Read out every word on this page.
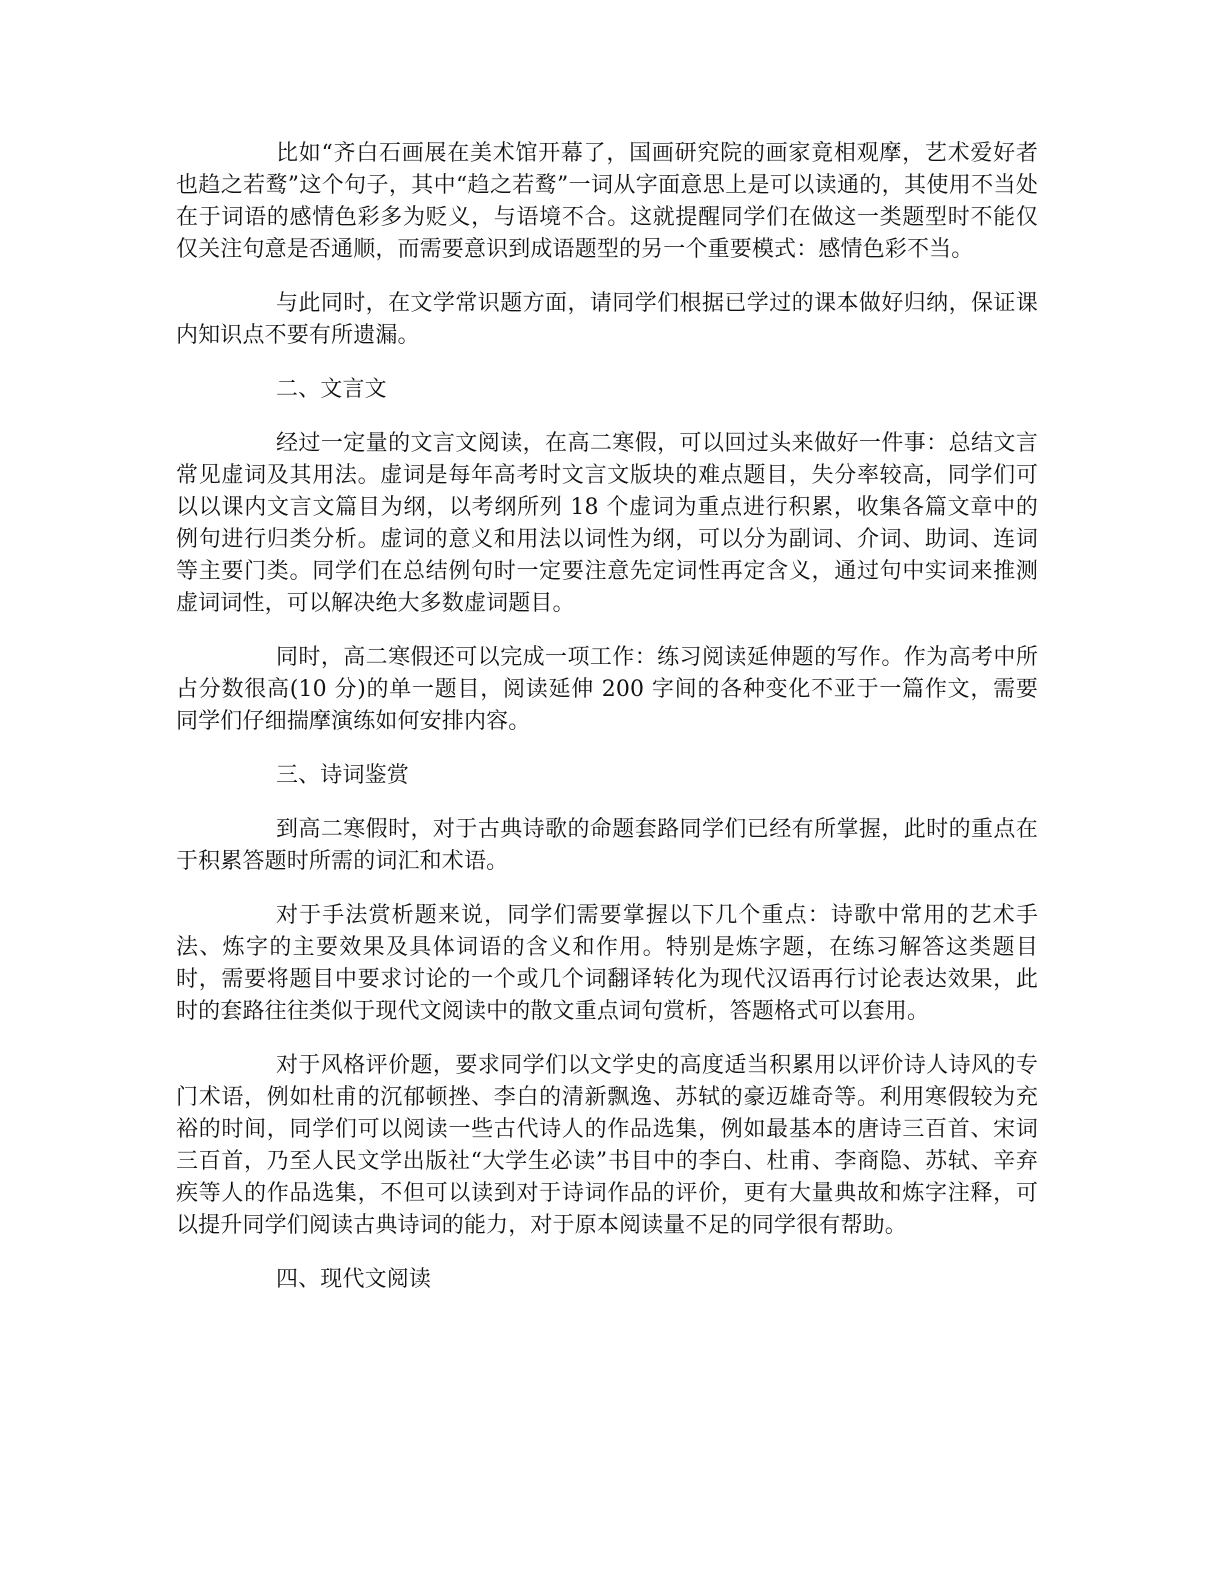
比如“齐白石画展在美术馆开幕了，国画研究院的画家竟相观摩，艺术爱好者也趋之若鹜”这个句子，其中“趋之若鹜”一词从字面意思上是可以读通的，其使用不当处在于词语的感情色彩多为贬义，与语境不合。这就提醒同学们在做这一类题型时不能仅仅关注句意是否通顺，而需要意识到成语题型的另一个重要模式：感情色彩不当。

与此同时，在文学常识题方面，请同学们根据已学过的课本做好归纳，保证课内知识点不要有所遗漏。

二、文言文

经过一定量的文言文阅读，在高二寒假，可以回过头来做好一件事：总结文言常见虚词及其用法。虚词是每年高考时文言文版块的难点题目，失分率较高，同学们可以以课内文言文篇目为纲，以考纲所列 18 个虚词为重点进行积累，收集各篇文章中的例句进行归类分析。虚词的意义和用法以词性为纲，可以分为副词、介词、助词、连词等主要门类。同学们在总结例句时一定要注意先定词性再定含义，通过句中实词来推测虚词词性，可以解决绝大多数虚词题目。

同时，高二寒假还可以完成一项工作：练习阅读延伸题的写作。作为高考中所占分数很高(10 分)的单一题目，阅读延伸 200 字间的各种变化不亚于一篇作文，需要同学们仔细揣摩演练如何安排内容。

三、诗词鉴赏

到高二寒假时，对于古典诗歌的命题套路同学们已经有所掌握，此时的重点在于积累答题时所需的词汇和术语。

对于手法赏析题来说，同学们需要掌握以下几个重点：诗歌中常用的艺术手法、炼字的主要效果及具体词语的含义和作用。特别是炼字题，在练习解答这类题目时，需要将题目中要求讨论的一个或几个词翻译转化为现代汉语再行讨论表达效果，此时的套路往往类似于现代文阅读中的散文重点词句赏析，答题格式可以套用。

对于风格评价题，要求同学们以文学史的高度适当积累用以评价诗人诗风的专门术语，例如杜甫的沉郁顿挫、李白的清新飘逸、苏轼的豪迈雄奇等。利用寒假较为充裕的时间，同学们可以阅读一些古代诗人的作品选集，例如最基本的唐诗三百首、宋词三百首，乃至人民文学出版社“大学生必读”书目中的李白、杜甫、李商隐、苏轼、辛弃疾等人的作品选集，不但可以读到对于诗词作品的评价，更有大量典故和炼字注释，可以提升同学们阅读古典诗词的能力，对于原本阅读量不足的同学很有帮助。

四、现代文阅读
